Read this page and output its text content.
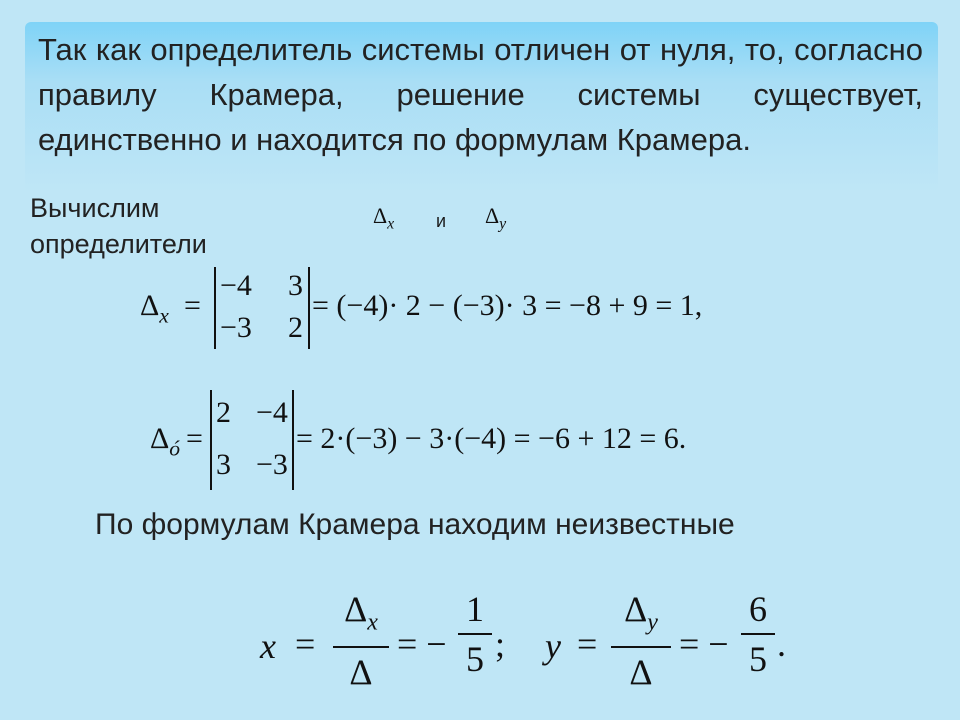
Так как определитель системы отличен от нуля, то, согласно правилу Крамера, решение системы существует, единственно и находится по формулам Крамера.
Вычислим определители
$\Delta_x$ и $\Delta_y$
$\Delta_x$ =
−4 3
−3 2
= (−4)· 2 − (−3)· 3 = −8 + 9 = 1,
$\Delta_ó$ =
2 −4
3 −3
= 2·(−3) − 3·(−4) = −6 + 12 = 6.
По формулам Крамера находим неизвестные
x =
$\Delta_x$
Δ
= −
1
5 ; y =
$\Delta_y$
Δ
= −
6
5 .
